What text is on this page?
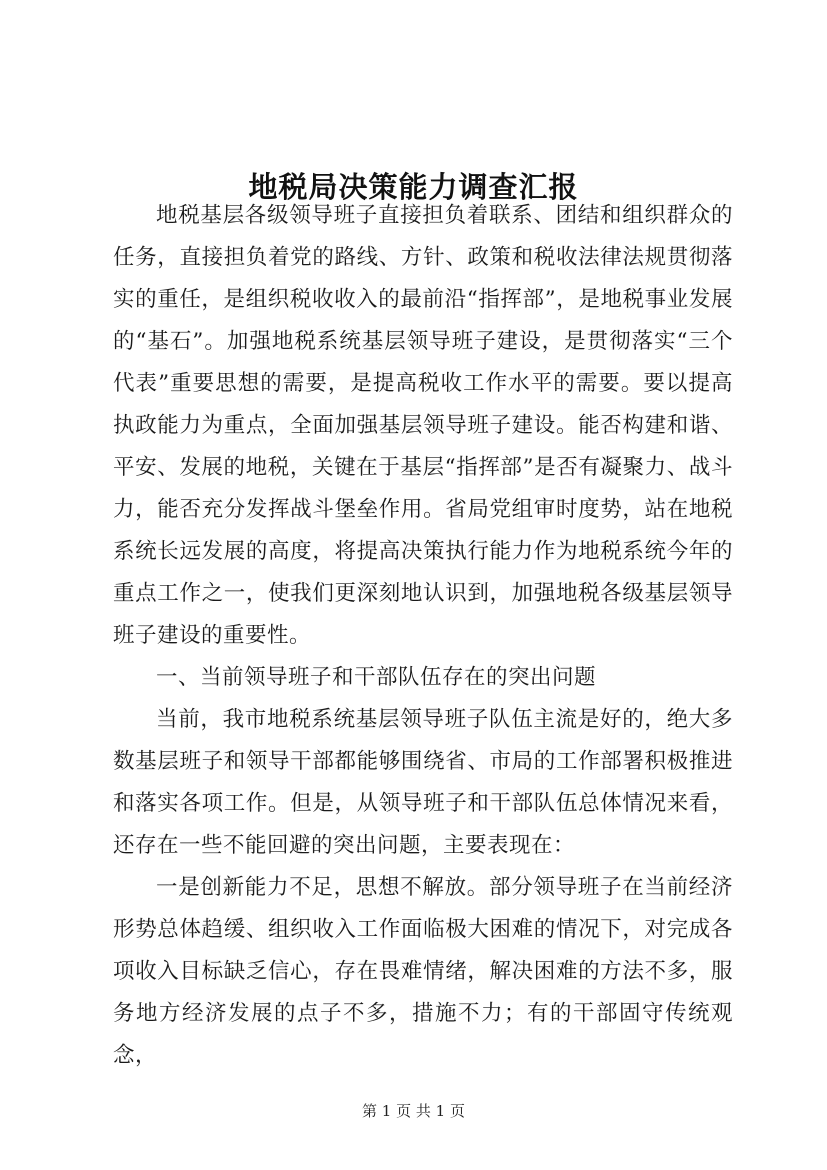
地税局决策能力调查汇报

地税基层各级领导班子直接担负着联系、团结和组织群众的任务，直接担负着党的路线、方针、政策和税收法律法规贯彻落实的重任，是组织税收收入的最前沿“指挥部”，是地税事业发展的“基石”。加强地税系统基层领导班子建设，是贯彻落实“三个代表”重要思想的需要，是提高税收工作水平的需要。要以提高执政能力为重点，全面加强基层领导班子建设。能否构建和谐、平安、发展的地税，关键在于基层“指挥部”是否有凝聚力、战斗力，能否充分发挥战斗堡垒作用。省局党组审时度势，站在地税系统长远发展的高度，将提高决策执行能力作为地税系统今年的重点工作之一，使我们更深刻地认识到，加强地税各级基层领导班子建设的重要性。

一、当前领导班子和干部队伍存在的突出问题

当前，我市地税系统基层领导班子队伍主流是好的，绝大多数基层班子和领导干部都能够围绕省、市局的工作部署积极推进和落实各项工作。但是，从领导班子和干部队伍总体情况来看，还存在一些不能回避的突出问题，主要表现在：

一是创新能力不足，思想不解放。部分领导班子在当前经济形势总体趋缓、组织收入工作面临极大困难的情况下，对完成各项收入目标缺乏信心，存在畏难情绪，解决困难的方法不多，服务地方经济发展的点子不多，措施不力；有的干部固守传统观念，

第 1 页 共 1 页
